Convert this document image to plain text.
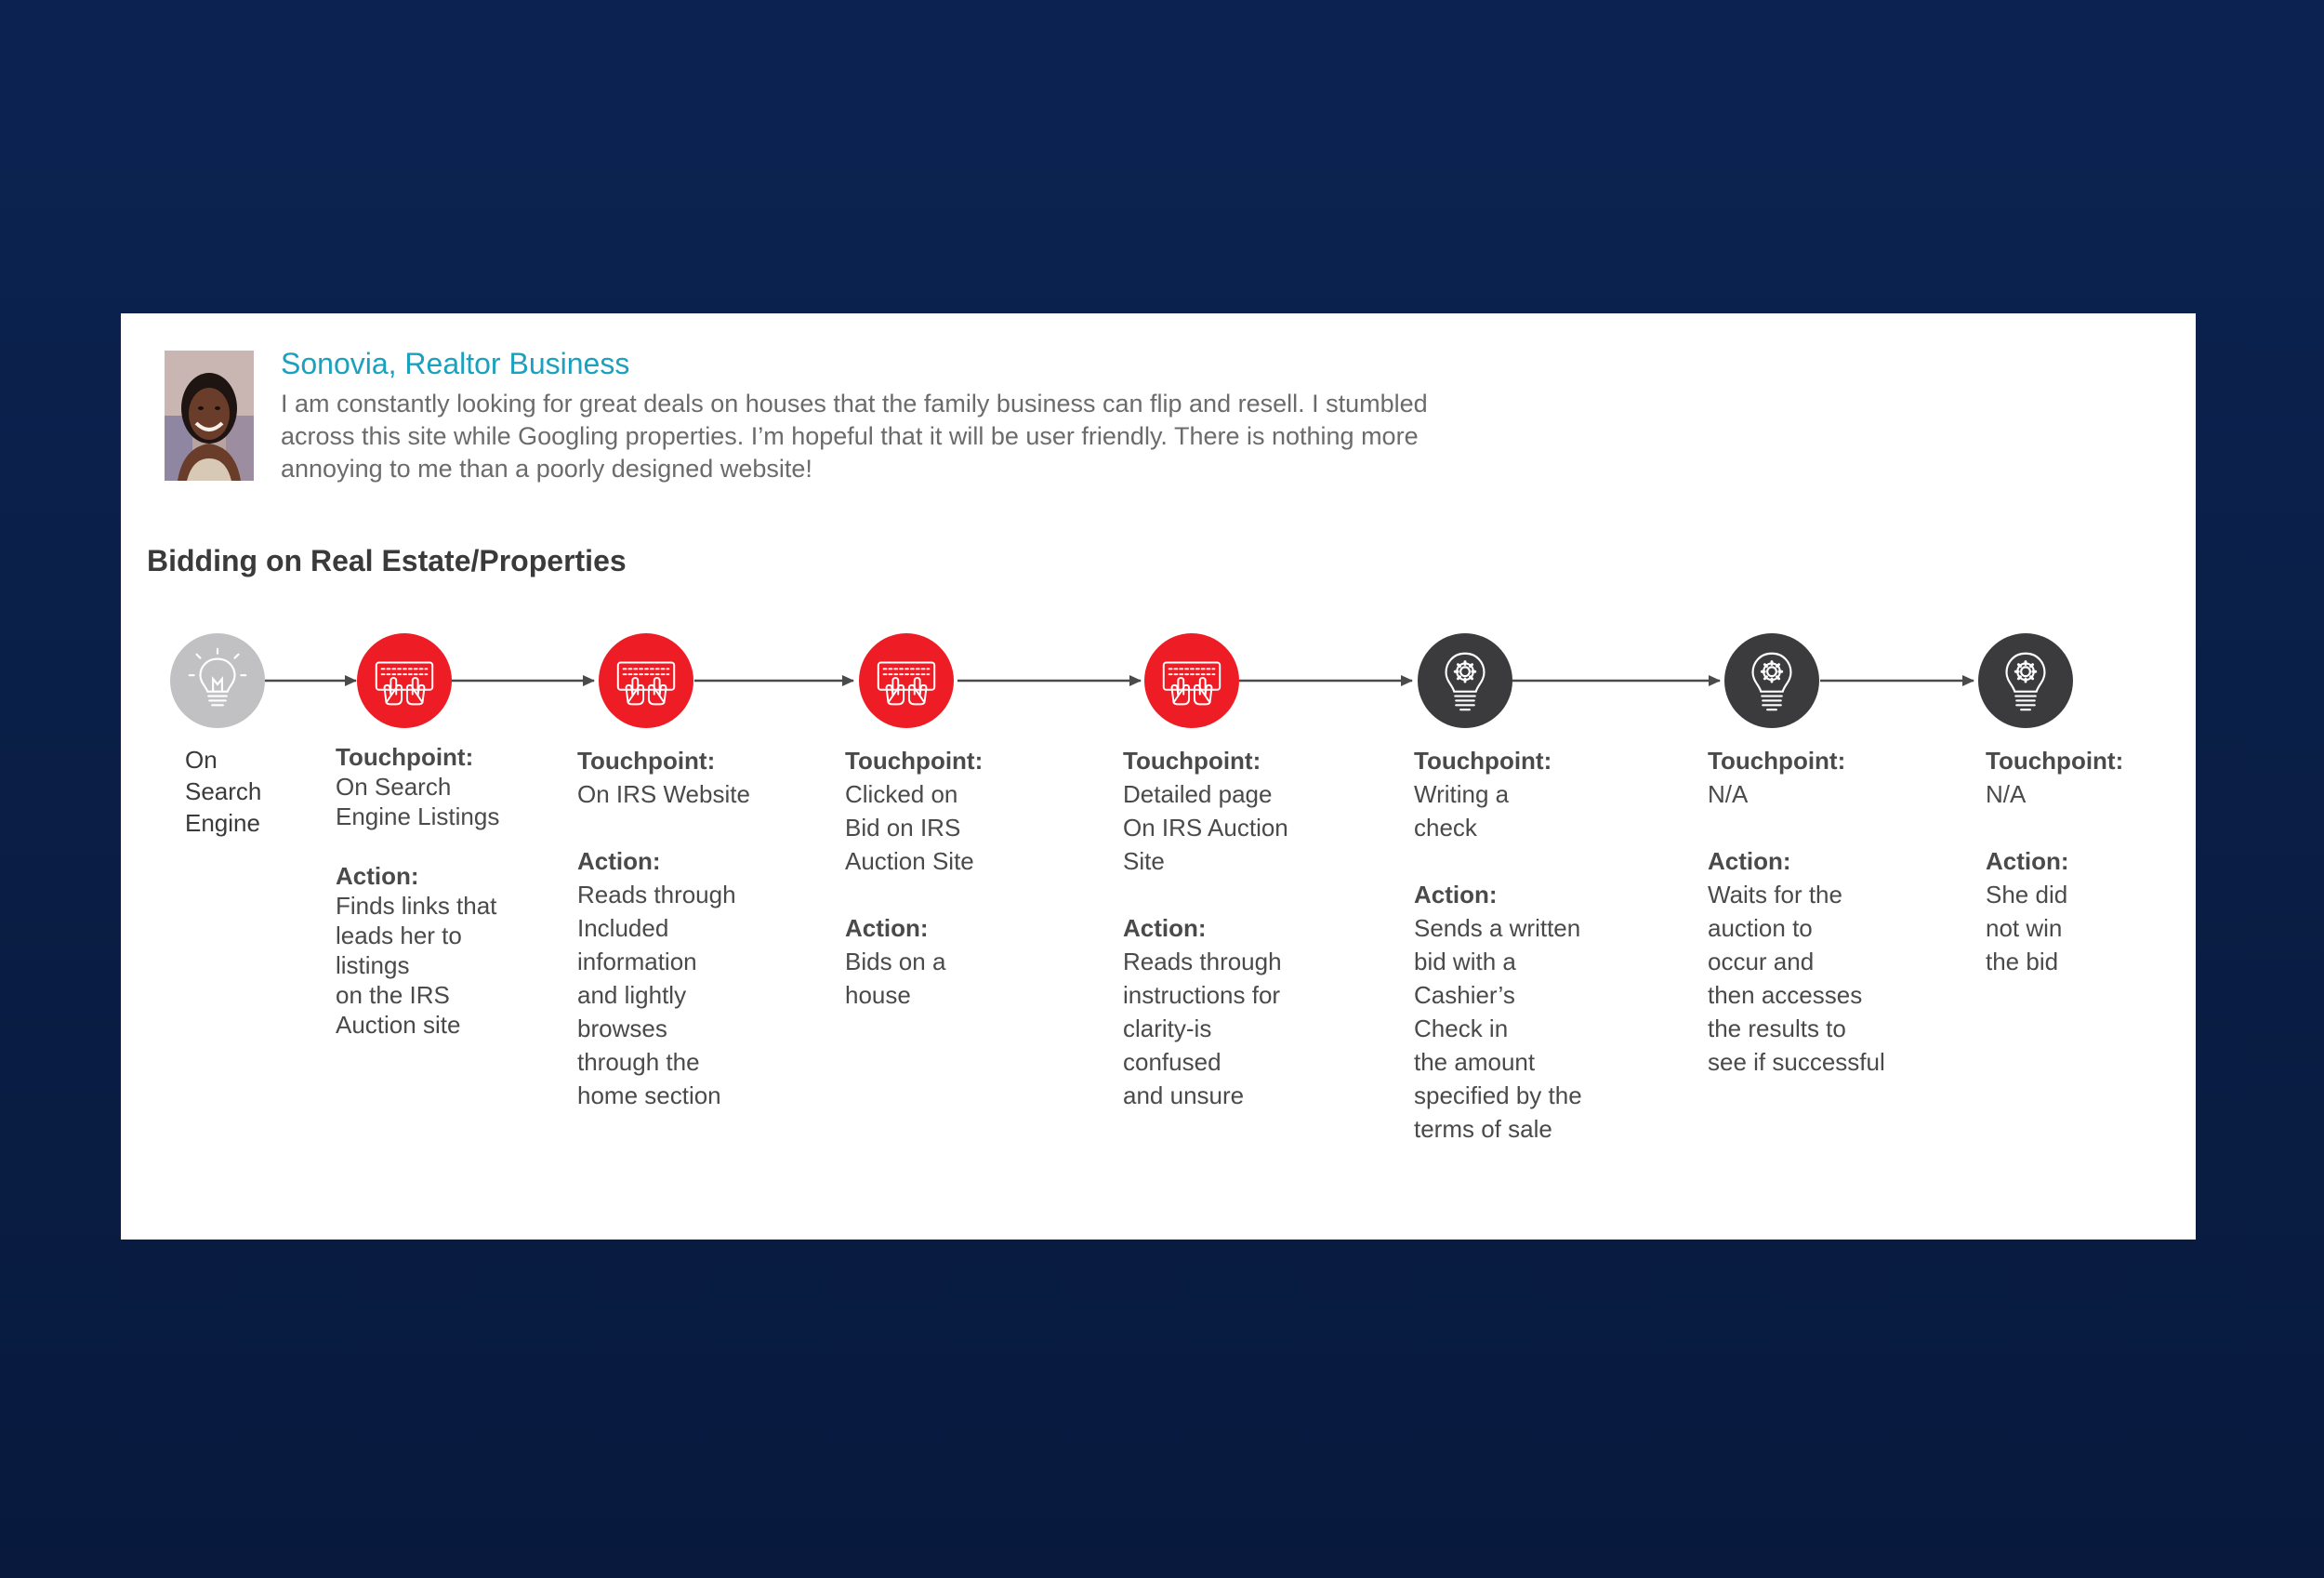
Sonovia, Realtor Business
I am constantly looking for great deals on houses that the family business can flip and resell. I stumbled across this site while Googling properties. I’m hopeful that it will be user friendly. There is nothing more annoying to me than a poorly designed website!
Bidding on Real Estate/Properties
On
Search
Engine
Touchpoint:
On Search
Engine Listings
Action:
Finds links that
leads her to
listings
on the IRS
Auction site
Touchpoint:
On IRS Website
Action:
Reads through
Included
information
and lightly
browses
through the
home section
Touchpoint:
Clicked on
Bid on IRS
Auction Site
Action:
Bids on a
house
Touchpoint:
Detailed page
On IRS Auction
Site
Action:
Reads through
instructions for
clarity-is
confused
and unsure
Touchpoint:
Writing a
check
Action:
Sends a written
bid with a
Cashier’s
Check in
the amount
specified by the
terms of sale
Touchpoint:
N/A
Action:
Waits for the
auction to
occur and
then accesses
the results to
see if successful
Touchpoint:
N/A
Action:
She did
not win
the bid
